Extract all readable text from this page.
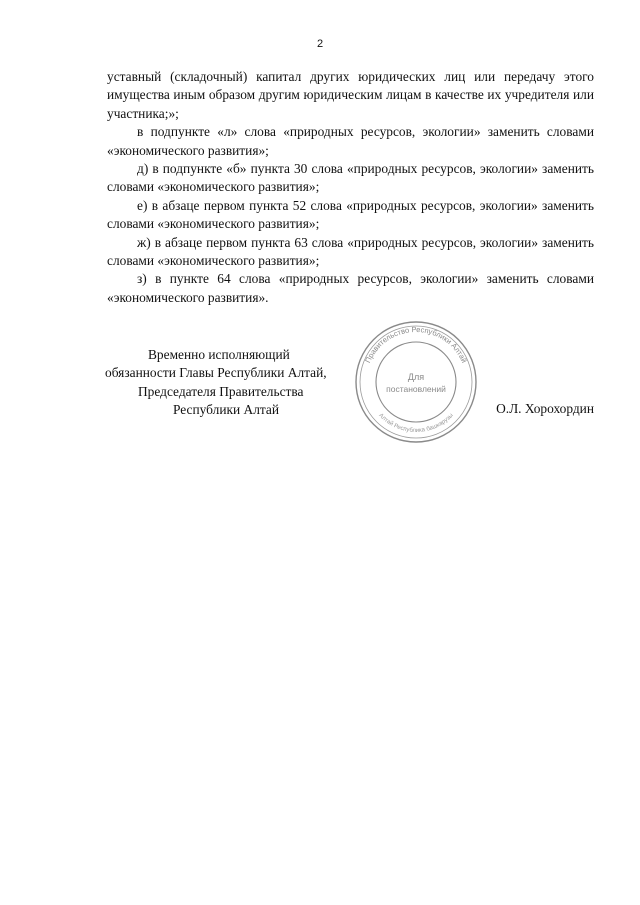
2

уставный (складочный) капитал других юридических лиц или передачу этого имущества иным образом другим юридическим лицам в качестве их учредителя или участника;»;

в подпункте «л» слова «природных ресурсов, экологии» заменить словами «экономического развития»;

д) в подпункте «б» пункта 30 слова «природных ресурсов, экологии» заменить словами «экономического развития»;

е) в абзаце первом пункта 52 слова «природных ресурсов, экологии» заменить словами «экономического развития»;

ж) в абзаце первом пункта 63 слова «природных ресурсов, экологии» заменить словами «экономического развития»;

з) в пункте 64 слова «природных ресурсов, экологии» заменить словами «экономического развития».

Временно исполняющий
обязанности Главы Республики Алтай,
Председателя Правительства
Республики Алтай	О.Л. Хорохордин
Правительство Республики Алтай
Алтай Республика башкарузы
Для
постановлений
